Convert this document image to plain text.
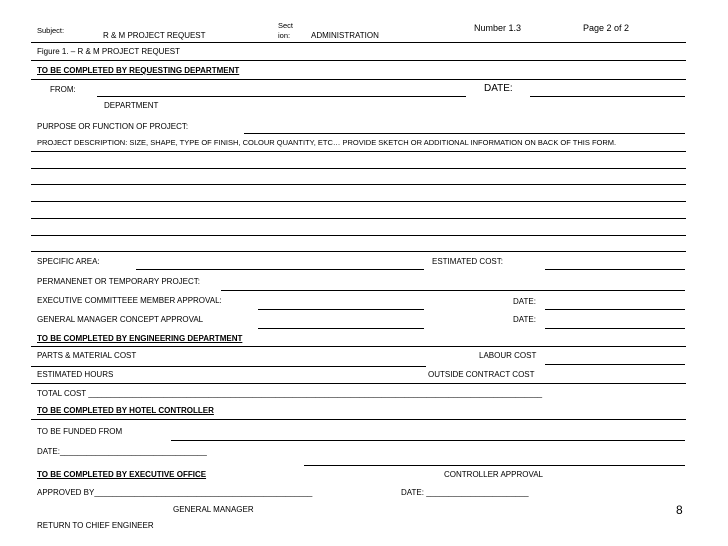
Subject:
R & M PROJECT REQUEST
Sect
ion:	ADMINISTRATION
Number 1.3	Page 2 of 2
Figure 1. – R & M PROJECT REQUEST
TO BE COMPLETED BY REQUESTING DEPARTMENT
FROM:	DATE:
DEPARTMENT
PURPOSE OR FUNCTION OF PROJECT:
PROJECT DESCRIPTION: SIZE, SHAPE, TYPE OF FINISH, COLOUR QUANTITY, ETC… PROVIDE SKETCH OR ADDITIONAL INFORMATION ON BACK OF THIS FORM.
SPECIFIC AREA:	ESTIMATED COST:
PERMANENET OR TEMPORARY PROJECT:
EXECUTIVE COMMITTEEE MEMBER APPROVAL:	DATE:
GENERAL MANAGER CONCEPT APPROVAL	DATE:
TO BE COMPLETED BY ENGINEERING DEPARTMENT
PARTS & MATERIAL COST	LABOUR COST
ESTIMATED HOURS	OUTSIDE CONTRACT COST
TOTAL COST ______________________________________________________________________________________________________
TO BE COMPLETED BY HOTEL CONTROLLER
TO BE FUNDED FROM
DATE:_________________________________
TO BE COMPLETED BY EXECUTIVE OFFICE	CONTROLLER APPROVAL
APPROVED BY_________________________________________________	DATE: _______________________
GENERAL MANAGER	8
RETURN TO CHIEF ENGINEER
